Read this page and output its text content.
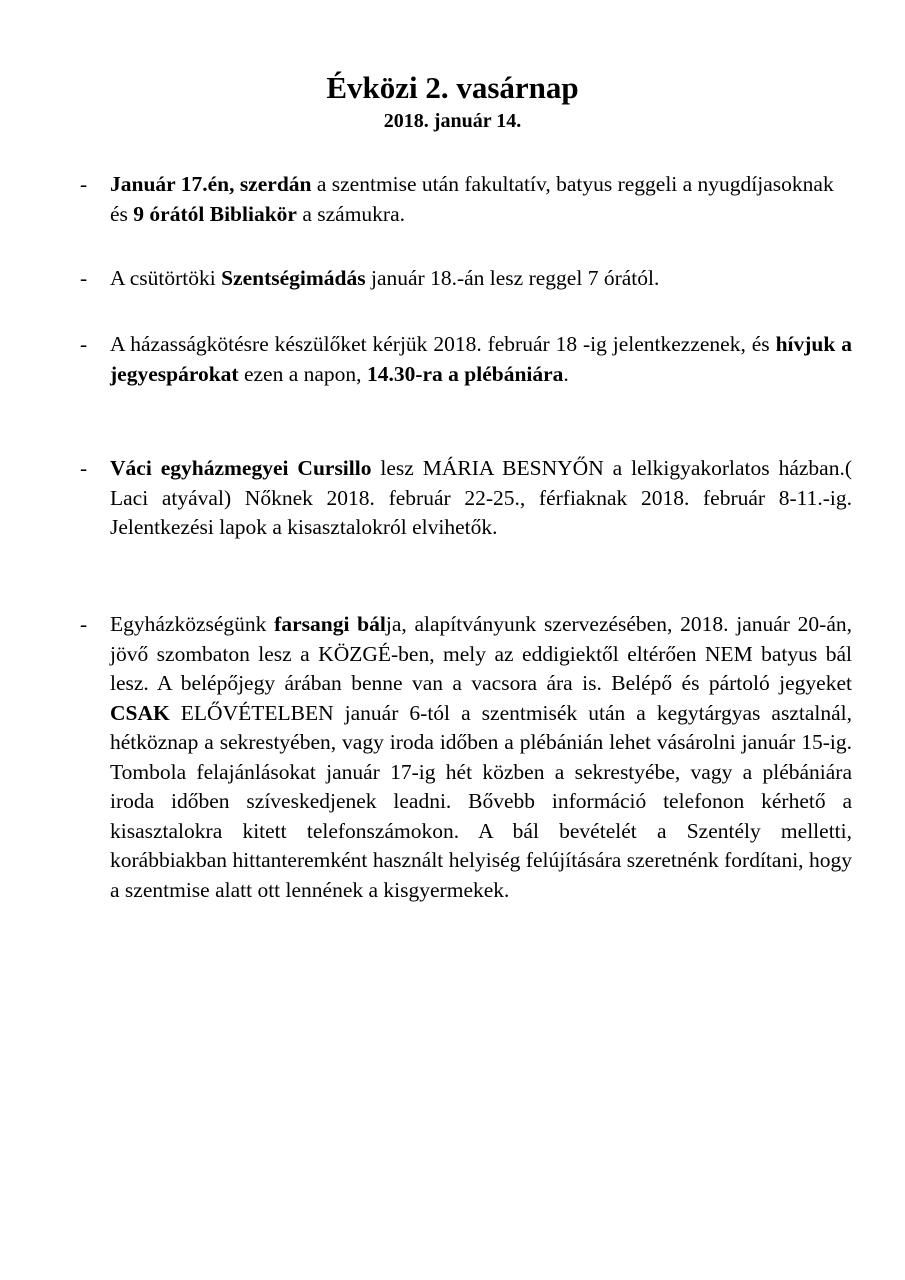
Évközi 2. vasárnap
2018. január 14.
-	Január 17.én, szerdán a szentmise után fakultatív, batyus reggeli a nyugdíjasoknak és 9 órától Bibliakör a számukra.
-	A csütörtöki Szentségimádás január 18.-án lesz reggel 7 órától.
-	A házasságkötésre készülőket kérjük 2018. február 18 -ig jelentkezzenek, és hívjuk a jegyespárokat ezen a napon, 14.30-ra a plébániára.
-	Váci egyházmegyei Cursillo lesz MÁRIA BESNYŐN a lelkigyakorlatos házban.( Laci atyával) Nőknek 2018. február 22-25., férfiaknak 2018. február 8-11.-ig. Jelentkezési lapok a kisasztalokról elvihetők.
-	Egyházközségünk farsangi bálja, alapítványunk szervezésében, 2018. január 20-án, jövő szombaton lesz a KÖZGÉ-ben, mely az eddigiektől eltérően NEM batyus bál lesz. A belépőjegy árában benne van a vacsora ára is. Belépő és pártoló jegyeket CSAK ELŐVÉTELBEN január 6-tól a szentmisék után a kegytárgyas asztalnál, hétköznap a sekrestyében, vagy iroda időben a plébánián lehet vásárolni január 15-ig. Tombola felajánlásokat január 17-ig hét közben a sekrestyébe, vagy a plébániára iroda időben szíveskedjenek leadni. Bővebb információ telefonon kérhető a kisasztalokra kitett telefonszámokon. A bál bevételét a Szentély melletti, korábbiakban hittanteremként használt helyiség felújítására szeretnénk fordítani, hogy a szentmise alatt ott lennének a kisgyermekek.
